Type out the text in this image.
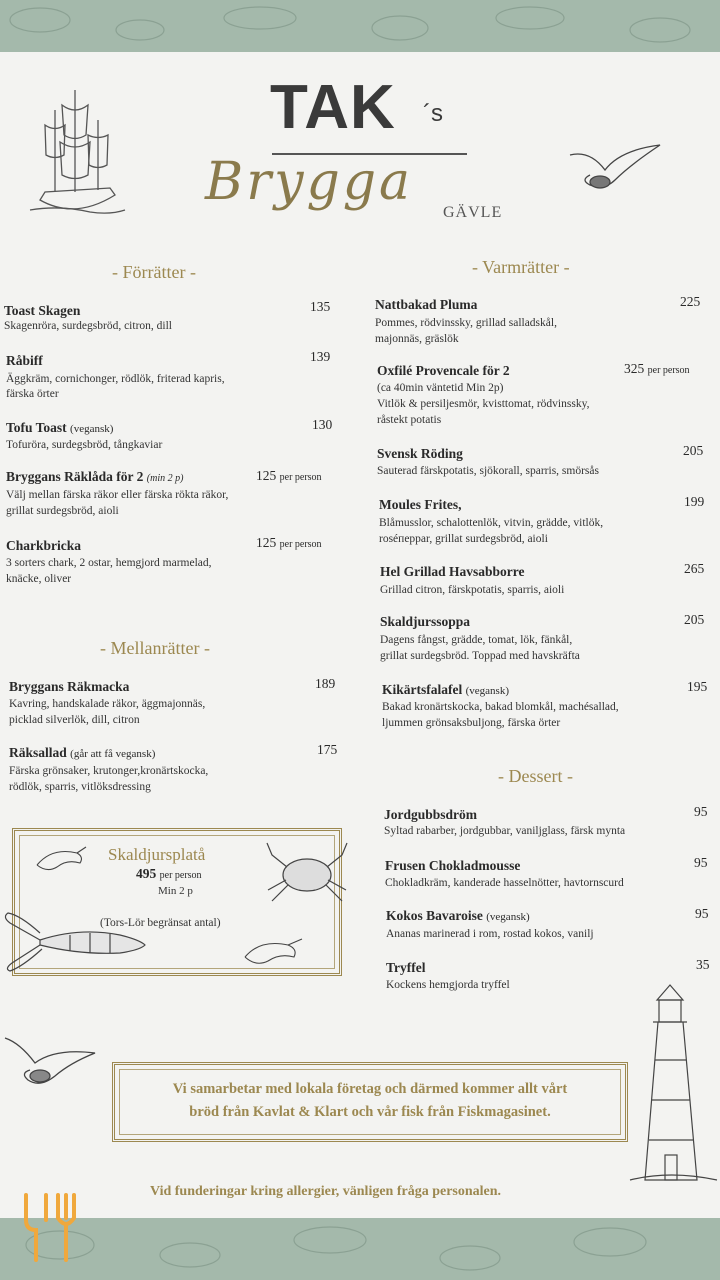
TAK ´s
Brygga
GÄVLE
- Förrätter -	- Varmrätter -
- Mellanrätter -
- Dessert -
Toast Skagen	135
Skagenröra, surdegsbröd, citron, dill
Råbiff	139
Äggkräm, cornichonger, rödlök, friterad kapris,
färska örter
Tofu Toast (vegansk)	130
Tofuröra, surdegsbröd, tångkaviar
Bryggans Räklåda för 2 (min 2 p)	125 per person
Välj mellan färska räkor eller färska rökta räkor,
grillat surdegsbröd, aioli
Charkbricka	125 per person
3 sorters chark, 2 ostar, hemgjord marmelad,
knäcke, oliver
Bryggans Räkmacka	189
Kavring, handskalade räkor, äggmajonnäs,
picklad silverlök, dill, citron
Räksallad (går att få vegansk)	175
Färska grönsaker, krutonger,kronärtskocka,
rödlök, sparris, vitlöksdressing
Nattbakad Pluma	225
Pommes, rödvinssky, grillad salladskål,
majonnäs, gräslök
Oxfilé Provencale för 2	325 per person
(ca 40min väntetid Min 2p)
Vitlök & persiljesmör, kvisttomat, rödvinssky,
råstekt potatis
Svensk Röding	205
Sauterad färskpotatis, sjökorall, sparris, smörsås
Moules Frites,	199
Blåmusslor, schalottenlök, vitvin, grädde, vitlök,
roséпeppar, grillat surdegsbröd, aioli
Hel Grillad Havsabborre	265
Grillad citron, färskpotatis, sparris, aioli
Skaldjurssoppa	205
Dagens fångst, grädde, tomat, lök, fänkål,
grillat surdegsbröd. Toppad med havskräfta
Kikärtsfalafel (vegansk)	195
Bakad kronärtskocka, bakad blomkål, machésallad,
ljummen grönsaksbuljong, färska örter
Jordgubbsdröm	95
Syltad rabarber, jordgubbar, vaniljglass, färsk mynta
Frusen Chokladmousse	95
Chokladkräm, kanderade hasselnötter, havtornscurd
Kokos Bavaroise (vegansk)	95
Ananas marinerad i rom, rostad kokos, vanilj
Tryffel	35
Kockens hemgjorda tryffel
Skaldjursplatå
495 per person
Min 2 p
(Tors-Lör begränsat antal)
Vi samarbetar med lokala företag och därmed kommer allt vårt
bröd från Kavlat & Klart och vår fisk från Fiskmagasinet.
Vid funderingar kring allergier, vänligen fråga personalen.
